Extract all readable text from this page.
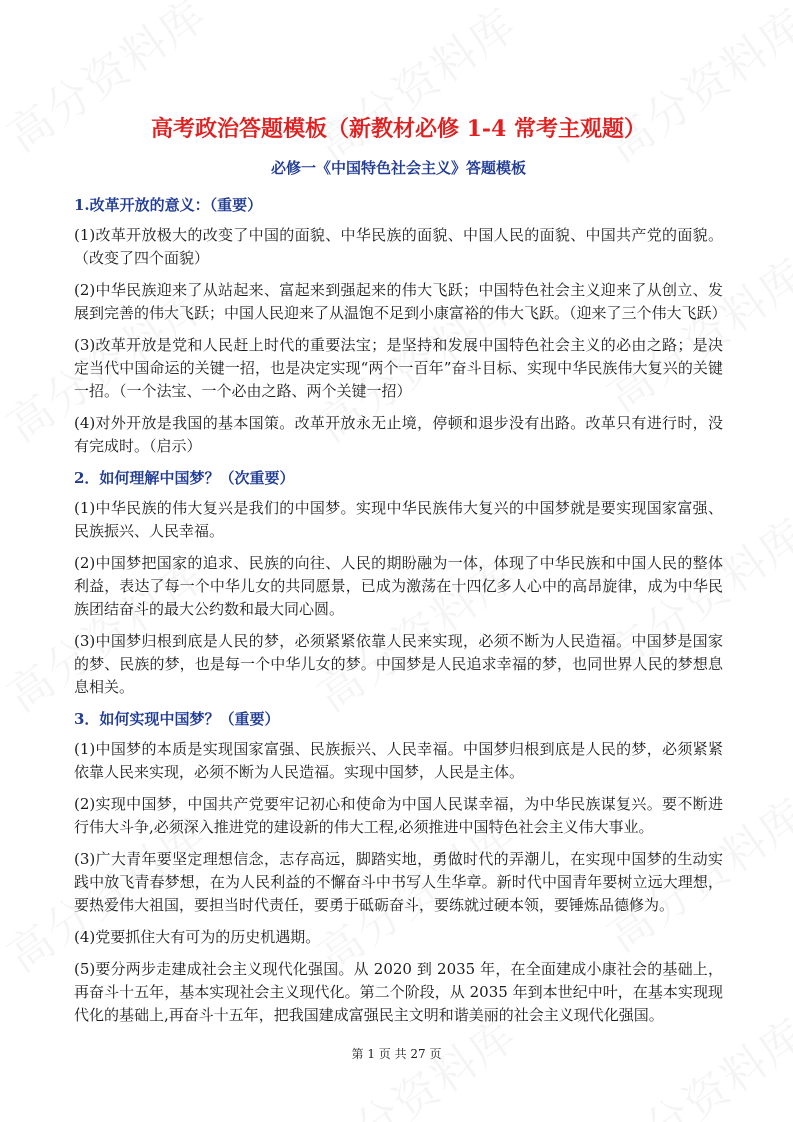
高考政治答题模板（新教材必修 1-4 常考主观题）
必修一《中国特色社会主义》答题模板
1.改革开放的意义：（重要）

(1)改革开放极大的改变了中国的面貌、中华民族的面貌、中国人民的面貌、中国共产党的面貌。（改变了四个面貌）

(2)中华民族迎来了从站起来、富起来到强起来的伟大飞跃；中国特色社会主义迎来了从创立、发展到完善的伟大飞跃；中国人民迎来了从温饱不足到小康富裕的伟大飞跃。（迎来了三个伟大飞跃）

(3)改革开放是党和人民赶上时代的重要法宝；是坚持和发展中国特色社会主义的必由之路；是决定当代中国命运的关键一招，也是决定实现“两个一百年”奋斗目标、实现中华民族伟大复兴的关键一招。（一个法宝、一个必由之路、两个关键一招）

(4)对外开放是我国的基本国策。改革开放永无止境，停顿和退步没有出路。改革只有进行时，没有完成时。（启示）

2．如何理解中国梦？（次重要）

(1)中华民族的伟大复兴是我们的中国梦。实现中华民族伟大复兴的中国梦就是要实现国家富强、民族振兴、人民幸福。

(2)中国梦把国家的追求、民族的向往、人民的期盼融为一体，体现了中华民族和中国人民的整体利益，表达了每一个中华儿女的共同愿景，已成为激荡在十四亿多人心中的高昂旋律，成为中华民族团结奋斗的最大公约数和最大同心圆。

(3)中国梦归根到底是人民的梦，必须紧紧依靠人民来实现，必须不断为人民造福。中国梦是国家的梦、民族的梦，也是每一个中华儿女的梦。中国梦是人民追求幸福的梦，也同世界人民的梦想息息相关。

3．如何实现中国梦？（重要）

(1)中国梦的本质是实现国家富强、民族振兴、人民幸福。中国梦归根到底是人民的梦，必须紧紧依靠人民来实现，必须不断为人民造福。实现中国梦，人民是主体。

(2)实现中国梦，中国共产党要牢记初心和使命为中国人民谋幸福，为中华民族谋复兴。要不断进行伟大斗争,必须深入推进党的建设新的伟大工程,必须推进中国特色社会主义伟大事业。

(3)广大青年要坚定理想信念，志存高远，脚踏实地，勇做时代的弄潮儿，在实现中国梦的生动实践中放飞青春梦想，在为人民利益的不懈奋斗中书写人生华章。新时代中国青年要树立远大理想，要热爱伟大祖国，要担当时代责任，要勇于砥砺奋斗，要练就过硬本领，要锤炼品德修为。

(4)党要抓住大有可为的历史机遇期。

(5)要分两步走建成社会主义现代化强国。从 2020 到 2035 年，在全面建成小康社会的基础上，再奋斗十五年，基本实现社会主义现代化。第二个阶段，从 2035 年到本世纪中叶，在基本实现现代化的基础上,再奋斗十五年，把我国建成富强民主文明和谐美丽的社会主义现代化强国。

第 1 页 共 27 页
